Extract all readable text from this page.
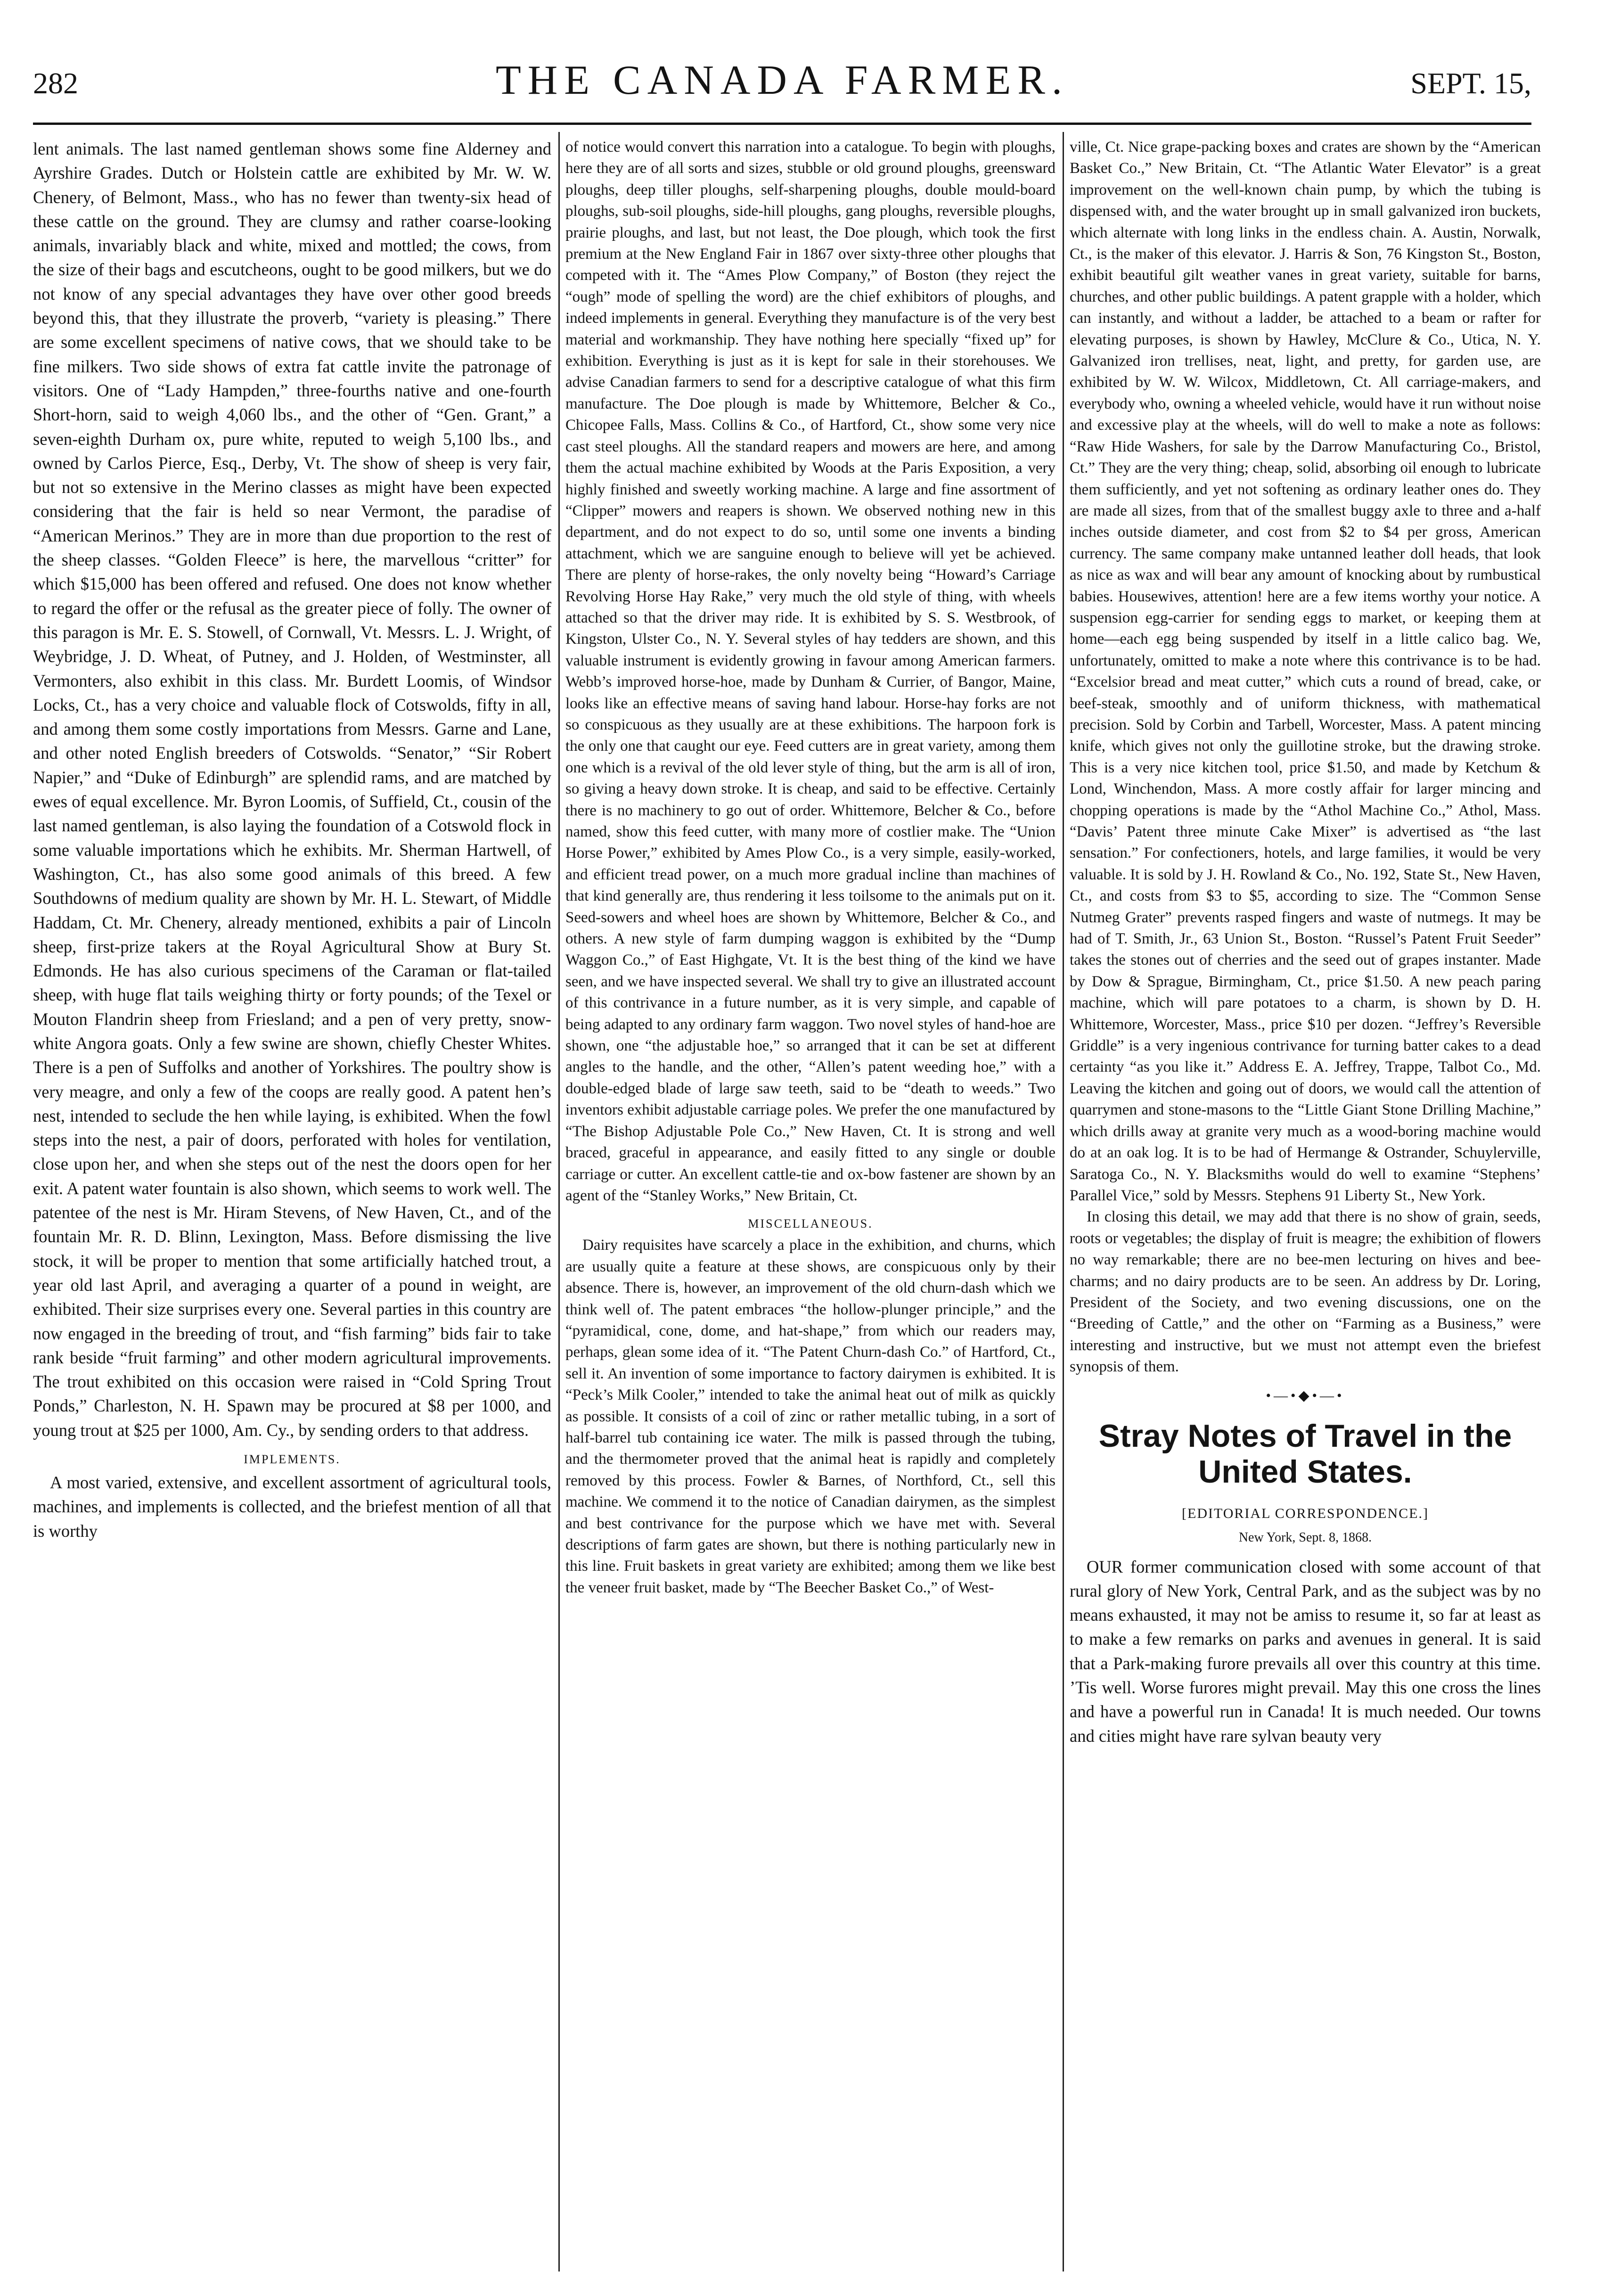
282	THE CANADA FARMER.	SEPT. 15,

lent animals. The last named gentleman shows some fine Alderney and Ayrshire Grades. Dutch or Holstein cattle are exhibited by Mr. W. W. Chenery, of Belmont, Mass., who has no fewer than twenty-six head of these cattle on the ground. They are clumsy and rather coarse-looking animals, invariably black and white, mixed and mottled; the cows, from the size of their bags and escutcheons, ought to be good milkers, but we do not know of any special advantages they have over other good breeds beyond this, that they illustrate the proverb, “variety is pleasing.” There are some excellent specimens of native cows, that we should take to be fine milkers. Two side shows of extra fat cattle invite the patronage of visitors. One of “Lady Hampden,” three-fourths native and one-fourth Short-horn, said to weigh 4,060 lbs., and the other of “Gen. Grant,” a seven-eighth Durham ox, pure white, reputed to weigh 5,100 lbs., and owned by Carlos Pierce, Esq., Derby, Vt. The show of sheep is very fair, but not so extensive in the Merino classes as might have been expected considering that the fair is held so near Vermont, the paradise of “American Merinos.” They are in more than due proportion to the rest of the sheep classes. “Golden Fleece” is here, the marvellous “critter” for which $15,000 has been offered and refused. One does not know whether to regard the offer or the refusal as the greater piece of folly. The owner of this paragon is Mr. E. S. Stowell, of Cornwall, Vt. Messrs. L. J. Wright, of Weybridge, J. D. Wheat, of Putney, and J. Holden, of Westminster, all Vermonters, also exhibit in this class. Mr. Burdett Loomis, of Windsor Locks, Ct., has a very choice and valuable flock of Cotswolds, fifty in all, and among them some costly importations from Messrs. Garne and Lane, and other noted English breeders of Cotswolds. “Senator,” “Sir Robert Napier,” and “Duke of Edinburgh” are splendid rams, and are matched by ewes of equal excellence. Mr. Byron Loomis, of Suffield, Ct., cousin of the last named gentleman, is also laying the foundation of a Cotswold flock in some valuable importations which he exhibits. Mr. Sherman Hartwell, of Washington, Ct., has also some good animals of this breed. A few Southdowns of medium quality are shown by Mr. H. L. Stewart, of Middle Haddam, Ct. Mr. Chenery, already mentioned, exhibits a pair of Lincoln sheep, first-prize takers at the Royal Agricultural Show at Bury St. Edmonds. He has also curious specimens of the Caraman or flat-tailed sheep, with huge flat tails weighing thirty or forty pounds; of the Texel or Mouton Flandrin sheep from Friesland; and a pen of very pretty, snow-white Angora goats. Only a few swine are shown, chiefly Chester Whites. There is a pen of Suffolks and another of Yorkshires. The poultry show is very meagre, and only a few of the coops are really good. A patent hen’s nest, intended to seclude the hen while laying, is exhibited. When the fowl steps into the nest, a pair of doors, perforated with holes for ventilation, close upon her, and when she steps out of the nest the doors open for her exit. A patent water fountain is also shown, which seems to work well. The patentee of the nest is Mr. Hiram Stevens, of New Haven, Ct., and of the fountain Mr. R. D. Blinn, Lexington, Mass. Before dismissing the live stock, it will be proper to mention that some artificially hatched trout, a year old last April, and averaging a quarter of a pound in weight, are exhibited. Their size surprises every one. Several parties in this country are now engaged in the breeding of trout, and “fish farming” bids fair to take rank beside “fruit farming” and other modern agricultural improvements. The trout exhibited on this occasion were raised in “Cold Spring Trout Ponds,” Charleston, N. H. Spawn may be procured at $8 per 1000, and young trout at $25 per 1000, Am. Cy., by sending orders to that address.

IMPLEMENTS.

A most varied, extensive, and excellent assortment of agricultural tools, machines, and implements is collected, and the briefest mention of all that is worthy

of notice would convert this narration into a catalogue. To begin with ploughs, here they are of all sorts and sizes, stubble or old ground ploughs, greensward ploughs, deep tiller ploughs, self-sharpening ploughs, double mould-board ploughs, sub-soil ploughs, side-hill ploughs, gang ploughs, reversible ploughs, prairie ploughs, and last, but not least, the Doe plough, which took the first premium at the New England Fair in 1867 over sixty-three other ploughs that competed with it. The “Ames Plow Company,” of Boston (they reject the “ough” mode of spelling the word) are the chief exhibitors of ploughs, and indeed implements in general. Everything they manufacture is of the very best material and workmanship. They have nothing here specially “fixed up” for exhibition. Everything is just as it is kept for sale in their storehouses. We advise Canadian farmers to send for a descriptive catalogue of what this firm manufacture. The Doe plough is made by Whittemore, Belcher & Co., Chicopee Falls, Mass. Collins & Co., of Hartford, Ct., show some very nice cast steel ploughs. All the standard reapers and mowers are here, and among them the actual machine exhibited by Woods at the Paris Exposition, a very highly finished and sweetly working machine. A large and fine assortment of “Clipper” mowers and reapers is shown. We observed nothing new in this department, and do not expect to do so, until some one invents a binding attachment, which we are sanguine enough to believe will yet be achieved. There are plenty of horse-rakes, the only novelty being “Howard’s Carriage Revolving Horse Hay Rake,” very much the old style of thing, with wheels attached so that the driver may ride. It is exhibited by S. S. Westbrook, of Kingston, Ulster Co., N. Y. Several styles of hay tedders are shown, and this valuable instrument is evidently growing in favour among American farmers. Webb’s improved horse-hoe, made by Dunham & Currier, of Bangor, Maine, looks like an effective means of saving hand labour. Horse-hay forks are not so conspicuous as they usually are at these exhibitions. The harpoon fork is the only one that caught our eye. Feed cutters are in great variety, among them one which is a revival of the old lever style of thing, but the arm is all of iron, so giving a heavy down stroke. It is cheap, and said to be effective. Certainly there is no machinery to go out of order. Whittemore, Belcher & Co., before named, show this feed cutter, with many more of costlier make. The “Union Horse Power,” exhibited by Ames Plow Co., is a very simple, easily-worked, and efficient tread power, on a much more gradual incline than machines of that kind generally are, thus rendering it less toilsome to the animals put on it. Seed-sowers and wheel hoes are shown by Whittemore, Belcher & Co., and others. A new style of farm dumping waggon is exhibited by the “Dump Waggon Co.,” of East Highgate, Vt. It is the best thing of the kind we have seen, and we have inspected several. We shall try to give an illustrated account of this contrivance in a future number, as it is very simple, and capable of being adapted to any ordinary farm waggon. Two novel styles of hand-hoe are shown, one “the adjustable hoe,” so arranged that it can be set at different angles to the handle, and the other, “Allen’s patent weeding hoe,” with a double-edged blade of large saw teeth, said to be “death to weeds.” Two inventors exhibit adjustable carriage poles. We prefer the one manufactured by “The Bishop Adjustable Pole Co.,” New Haven, Ct. It is strong and well braced, graceful in appearance, and easily fitted to any single or double carriage or cutter. An excellent cattle-tie and ox-bow fastener are shown by an agent of the “Stanley Works,” New Britain, Ct.

MISCELLANEOUS.

Dairy requisites have scarcely a place in the exhibition, and churns, which are usually quite a feature at these shows, are conspicuous only by their absence. There is, however, an improvement of the old churn-dash which we think well of. The patent embraces “the hollow-plunger principle,” and the “pyramidical, cone, dome, and hat-shape,” from which our readers may, perhaps, glean some idea of it. “The Patent Churn-dash Co.” of Hartford, Ct., sell it. An invention of some importance to factory dairymen is exhibited. It is “Peck’s Milk Cooler,” intended to take the animal heat out of milk as quickly as possible. It consists of a coil of zinc or rather metallic tubing, in a sort of half-barrel tub containing ice water. The milk is passed through the tubing, and the thermometer proved that the animal heat is rapidly and completely removed by this process. Fowler & Barnes, of Northford, Ct., sell this machine. We commend it to the notice of Canadian dairymen, as the simplest and best contrivance for the purpose which we have met with. Several descriptions of farm gates are shown, but there is nothing particularly new in this line. Fruit baskets in great variety are exhibited; among them we like best the veneer fruit basket, made by “The Beecher Basket Co.,” of West-

ville, Ct. Nice grape-packing boxes and crates are shown by the “American Basket Co.,” New Britain, Ct. “The Atlantic Water Elevator” is a great improvement on the well-known chain pump, by which the tubing is dispensed with, and the water brought up in small galvanized iron buckets, which alternate with long links in the endless chain. A. Austin, Norwalk, Ct., is the maker of this elevator. J. Harris & Son, 76 Kingston St., Boston, exhibit beautiful gilt weather vanes in great variety, suitable for barns, churches, and other public buildings. A patent grapple with a holder, which can instantly, and without a ladder, be attached to a beam or rafter for elevating purposes, is shown by Hawley, McClure & Co., Utica, N. Y. Galvanized iron trellises, neat, light, and pretty, for garden use, are exhibited by W. W. Wilcox, Middletown, Ct. All carriage-makers, and everybody who, owning a wheeled vehicle, would have it run without noise and excessive play at the wheels, will do well to make a note as follows: “Raw Hide Washers, for sale by the Darrow Manufacturing Co., Bristol, Ct.” They are the very thing; cheap, solid, absorbing oil enough to lubricate them sufficiently, and yet not softening as ordinary leather ones do. They are made all sizes, from that of the smallest buggy axle to three and a-half inches outside diameter, and cost from $2 to $4 per gross, American currency. The same company make untanned leather doll heads, that look as nice as wax and will bear any amount of knocking about by rumbustical babies. Housewives, attention! here are a few items worthy your notice. A suspension egg-carrier for sending eggs to market, or keeping them at home—each egg being suspended by itself in a little calico bag. We, unfortunately, omitted to make a note where this contrivance is to be had. “Excelsior bread and meat cutter,” which cuts a round of bread, cake, or beef-steak, smoothly and of uniform thickness, with mathematical precision. Sold by Corbin and Tarbell, Worcester, Mass. A patent mincing knife, which gives not only the guillotine stroke, but the drawing stroke. This is a very nice kitchen tool, price $1.50, and made by Ketchum & Lond, Winchendon, Mass. A more costly affair for larger mincing and chopping operations is made by the “Athol Machine Co.,” Athol, Mass. “Davis’ Patent three minute Cake Mixer” is advertised as “the last sensation.” For confectioners, hotels, and large families, it would be very valuable. It is sold by J. H. Rowland & Co., No. 192, State St., New Haven, Ct., and costs from $3 to $5, according to size. The “Common Sense Nutmeg Grater” prevents rasped fingers and waste of nutmegs. It may be had of T. Smith, Jr., 63 Union St., Boston. “Russel’s Patent Fruit Seeder” takes the stones out of cherries and the seed out of grapes instanter. Made by Dow & Sprague, Birmingham, Ct., price $1.50. A new peach paring machine, which will pare potatoes to a charm, is shown by D. H. Whittemore, Worcester, Mass., price $10 per dozen. “Jeffrey’s Reversible Griddle” is a very ingenious contrivance for turning batter cakes to a dead certainty “as you like it.” Address E. A. Jeffrey, Trappe, Talbot Co., Md. Leaving the kitchen and going out of doors, we would call the attention of quarrymen and stone-masons to the “Little Giant Stone Drilling Machine,” which drills away at granite very much as a wood-boring machine would do at an oak log. It is to be had of Hermange & Ostrander, Schuylerville, Saratoga Co., N. Y. Blacksmiths would do well to examine “Stephens’ Parallel Vice,” sold by Messrs. Stephens 91 Liberty St., New York.

In closing this detail, we may add that there is no show of grain, seeds, roots or vegetables; the display of fruit is meagre; the exhibition of flowers no way remarkable; there are no bee-men lecturing on hives and bee-charms; and no dairy products are to be seen. An address by Dr. Loring, President of the Society, and two evening discussions, one on the “Breeding of Cattle,” and the other on “Farming as a Business,” were interesting and instructive, but we must not attempt even the briefest synopsis of them.

•—•◆•—•
Stray Notes of Travel in the United States.
[EDITORIAL CORRESPONDENCE.]
New York, Sept. 8, 1868.

OUR former communication closed with some account of that rural glory of New York, Central Park, and as the subject was by no means exhausted, it may not be amiss to resume it, so far at least as to make a few remarks on parks and avenues in general. It is said that a Park-making furore prevails all over this country at this time. ’Tis well. Worse furores might prevail. May this one cross the lines and have a powerful run in Canada! It is much needed. Our towns and cities might have rare sylvan beauty very
